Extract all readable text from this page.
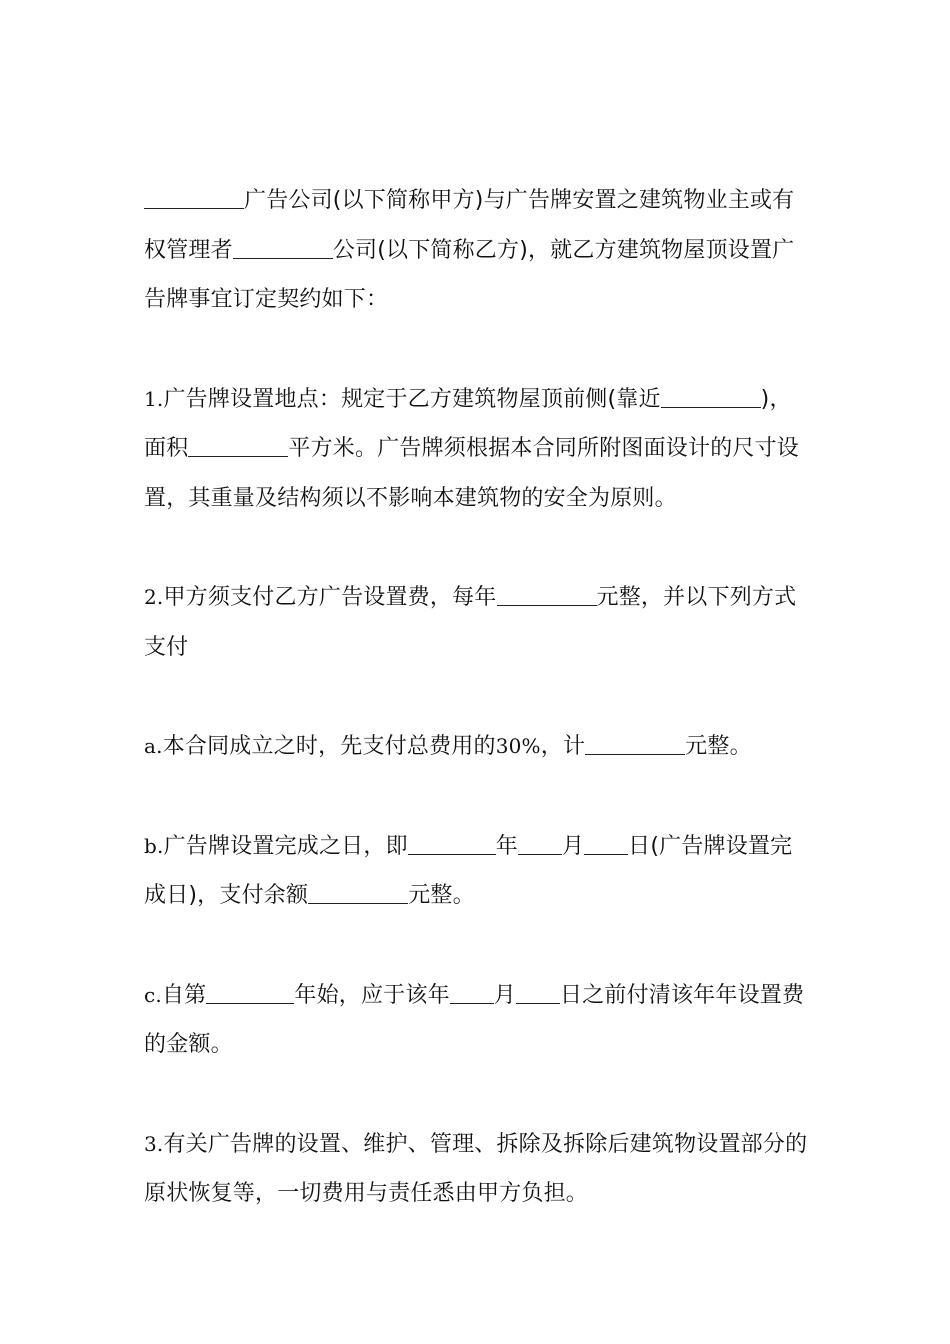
广告公司(以下简称甲方)与广告牌安置之建筑物业主或有权管理者	公司(以下简称乙方)，就乙方建筑物屋顶设置广告牌事宜订定契约如下：

1.广告牌设置地点：规定于乙方建筑物屋顶前侧(靠近	)，面积	平方米。广告牌须根据本合同所附图面设计的尺寸设置，其重量及结构须以不影响本建筑物的安全为原则。

2.甲方须支付乙方广告设置费，每年	元整，并以下列方式支付

a.本合同成立之时，先支付总费用的30%，计	元整。

b.广告牌设置完成之日，即	年 月 日(广告牌设置完成日)，支付余额	元整。

c.自第	年始，应于该年 月 日之前付清该年年设置费的金额。

3.有关广告牌的设置、维护、管理、拆除及拆除后建筑物设置部分的原状恢复等，一切费用与责任悉由甲方负担。
